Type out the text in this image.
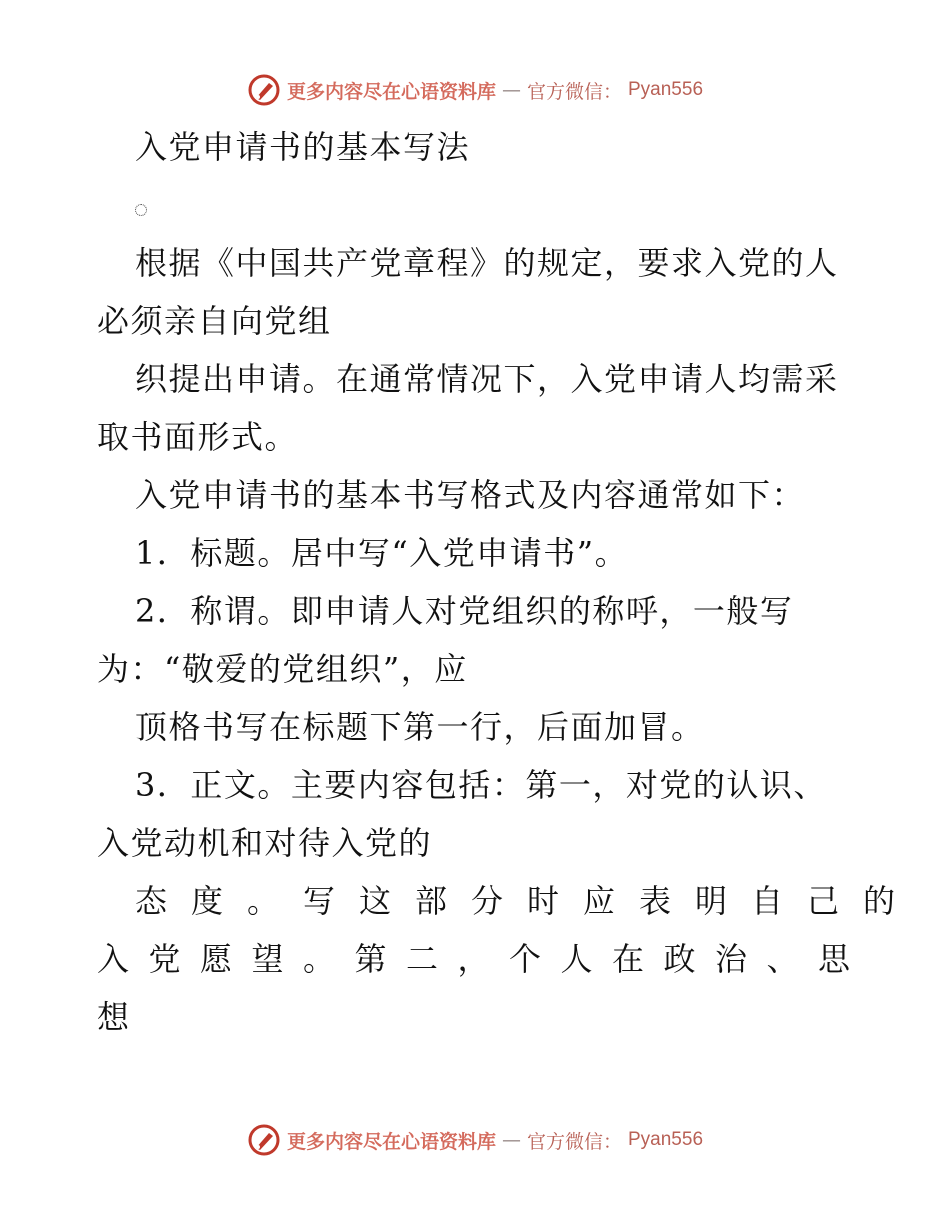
更多内容尽在心语资料库 — 官方微信： Pyan556
入党申请书的基本写法
根据《中国共产党章程》的规定，要求入党的人
必须亲自向党组
织提出申请。在通常情况下，入党申请人均需采
取书面形式。
入党申请书的基本书写格式及内容通常如下：
1．标题。居中写“入党申请书”。
2．称谓。即申请人对党组织的称呼，一般写
为：“敬爱的党组织”，应
顶格书写在标题下第一行，后面加冒。
3．正文。主要内容包括：第一，对党的认识、
入党动机和对待入党的
态度。写这部分时应表明自己的
入党愿望。第二，个人在政治、思
想
更多内容尽在心语资料库 — 官方微信： Pyan556
